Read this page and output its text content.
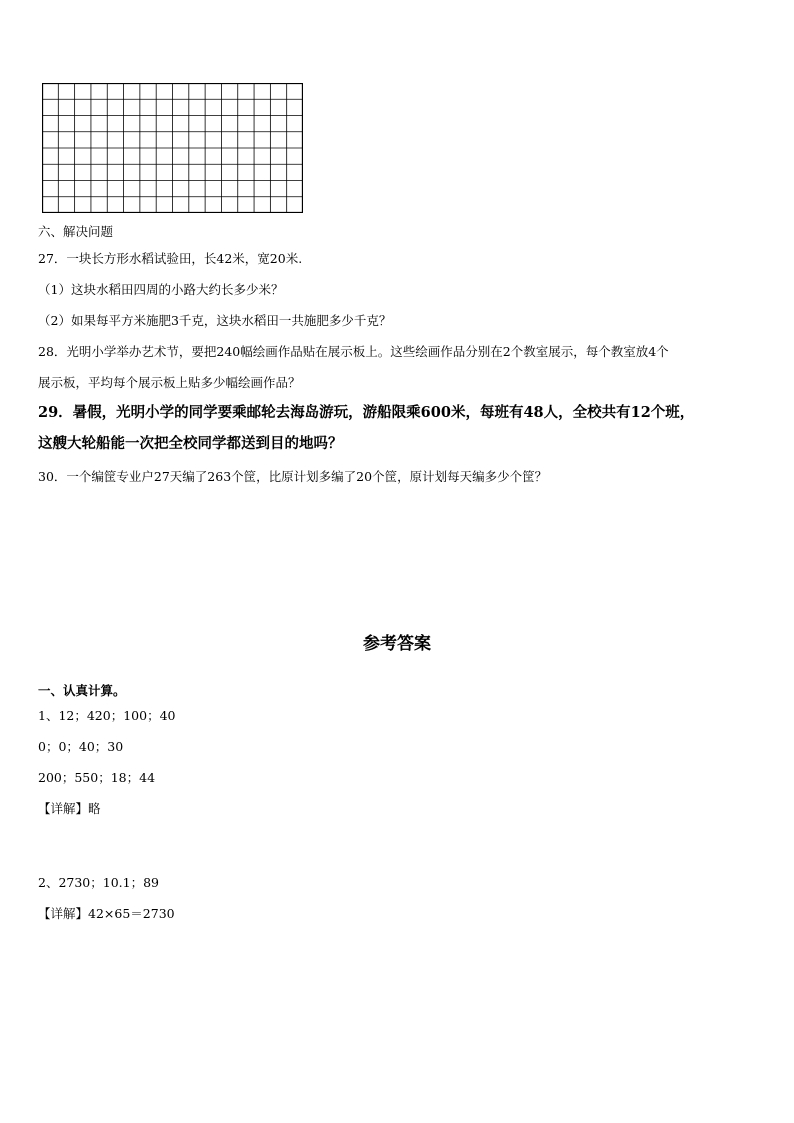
六、解决问题
27．一块长方形水稻试验田，长42米，宽20米.
（1）这块水稻田四周的小路大约长多少米？
（2）如果每平方米施肥3千克，这块水稻田一共施肥多少千克？
28．光明小学举办艺术节，要把240幅绘画作品贴在展示板上。这些绘画作品分别在2个教室展示，每个教室放4个
展示板，平均每个展示板上贴多少幅绘画作品？
29．暑假，光明小学的同学要乘邮轮去海岛游玩，游船限乘600米，每班有48人，全校共有12个班，
这艘大轮船能一次把全校同学都送到目的地吗？
30．一个编筐专业户27天编了263个筐，比原计划多编了20个筐，原计划每天编多少个筐？
参考答案
一、认真计算。
1、12；420；100；40
0；0；40；30
200；550；18；44
【详解】略
2、2730；10.1；89
【详解】42×65＝2730
